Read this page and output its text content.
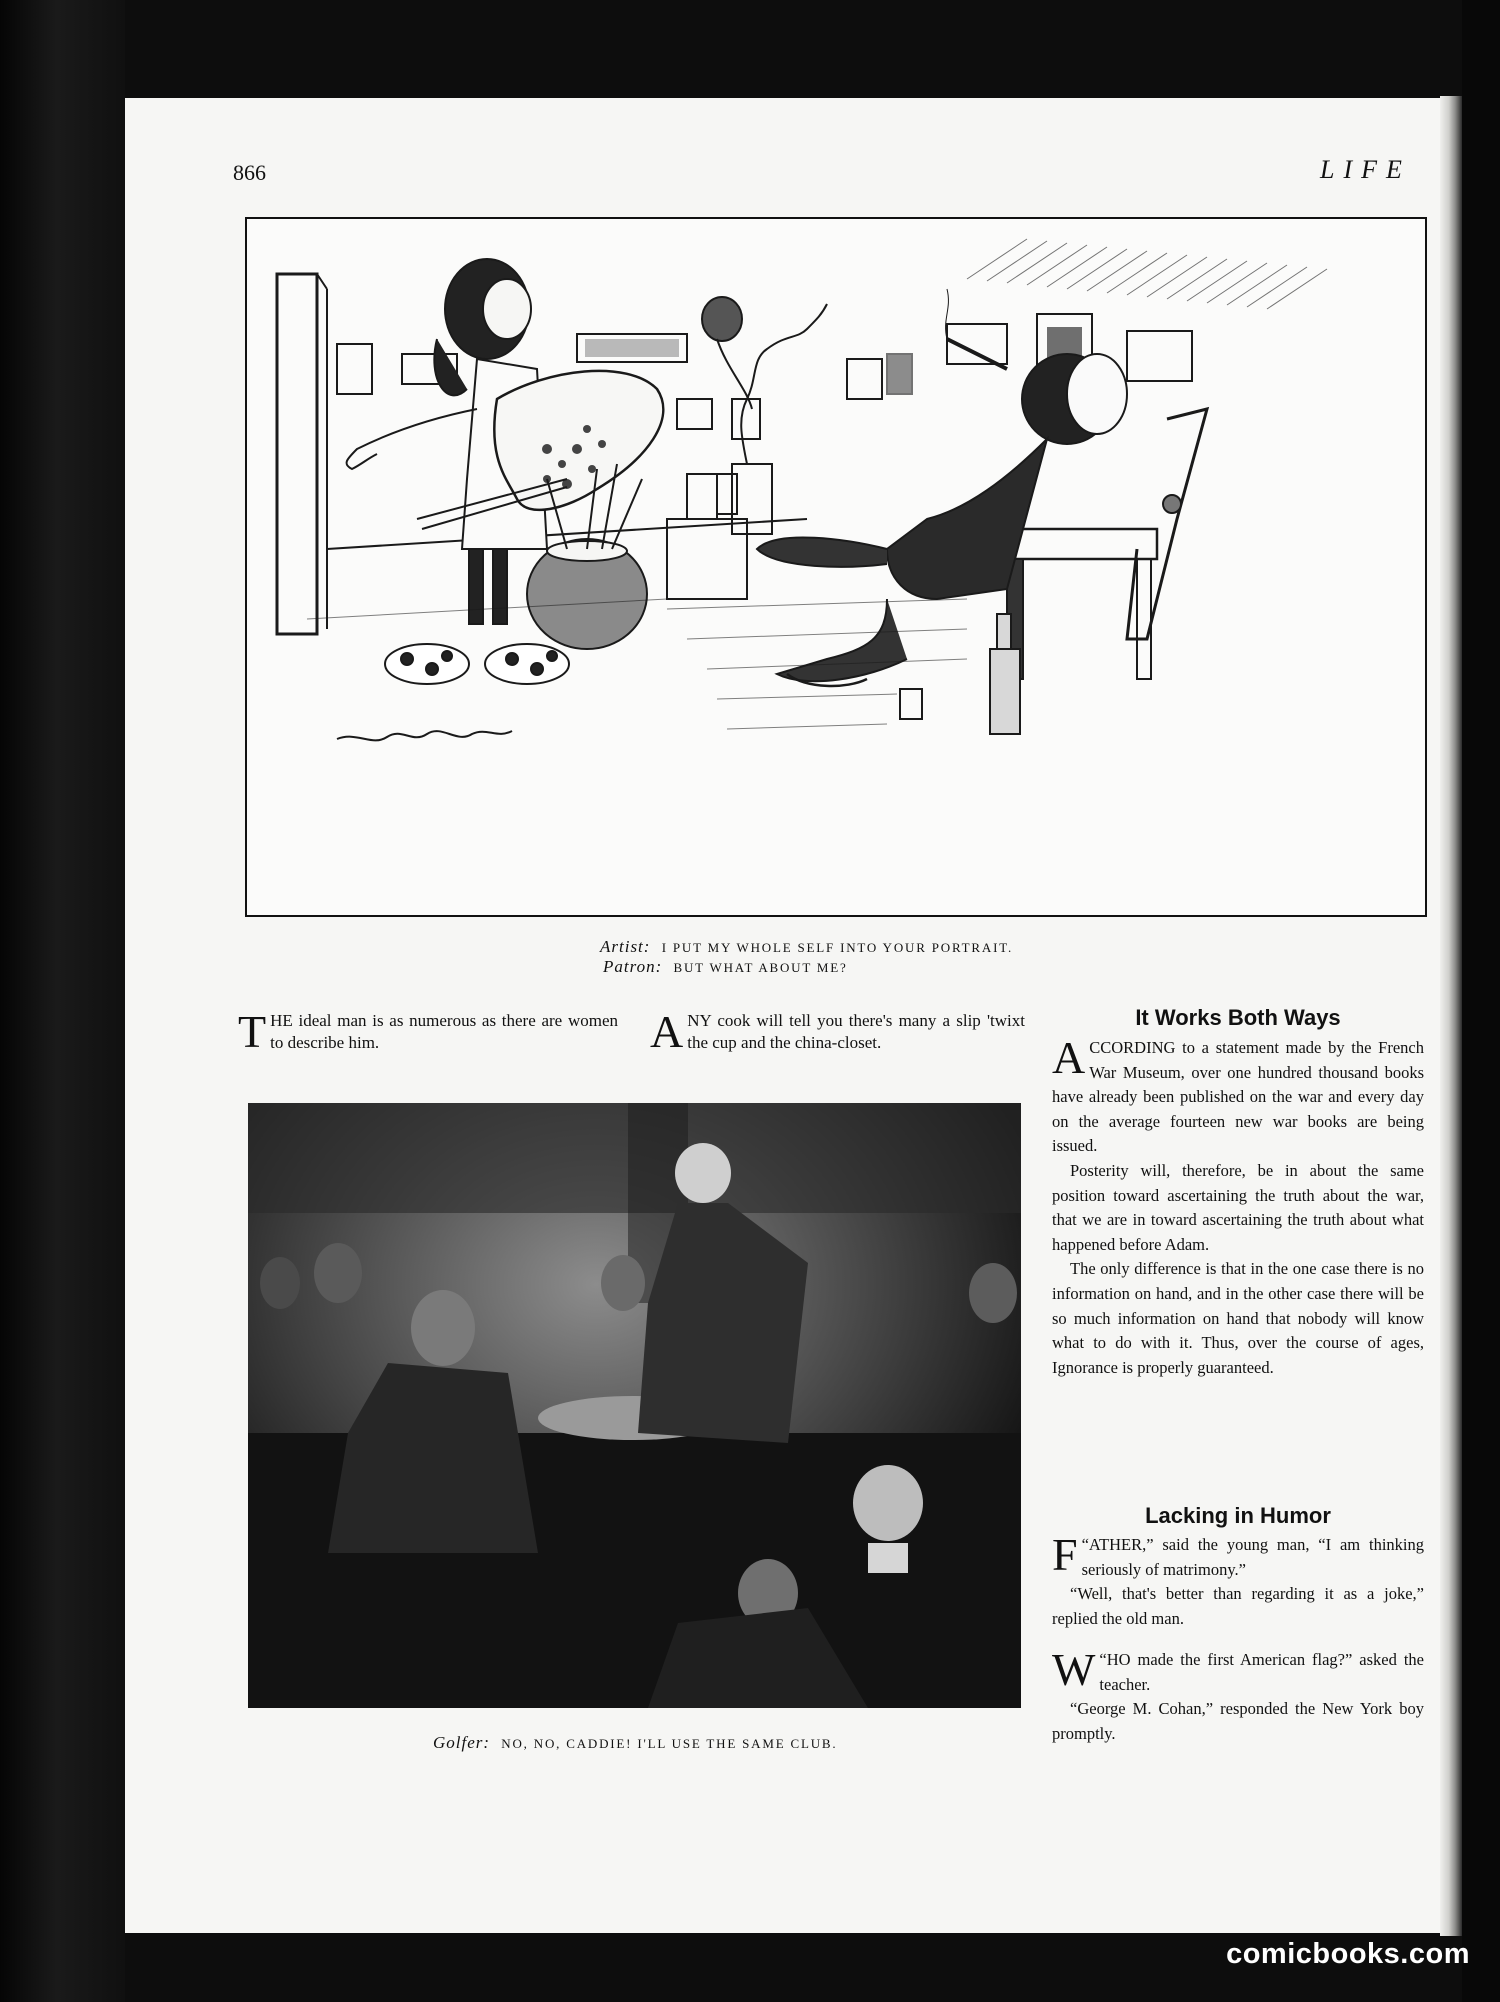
866	LIFE
Artist: I PUT MY WHOLE SELF INTO YOUR PORTRAIT.
Patron: BUT WHAT ABOUT ME?
THE ideal man is as numerous as there are women to describe him.	ANY cook will tell you there's many a slip 'twixt the cup and the china-closet.
Golfer: NO, NO, CADDIE! I'LL USE THE SAME CLUB.
It Works Both Ways

ACCORDING to a statement made by the French War Museum, over one hundred thousand books have already been published on the war and every day on the average fourteen new war books are being issued.

Posterity will, therefore, be in about the same position toward ascertaining the truth about the war, that we are in toward ascertaining the truth about what happened before Adam.

The only difference is that in the one case there is no information on hand, and in the other case there will be so much information on hand that nobody will know what to do with it. Thus, over the course of ages, Ignorance is properly guaranteed.

Lacking in Humor

“
F ATHER,” said the young man, “I am thinking seriously of matrimony.”

“Well, that's better than regarding it as a joke,” replied the old man.

“
W HO made the first American flag?” asked the teacher.

“George M. Cohan,” responded the New York boy promptly.

comicbooks.com
